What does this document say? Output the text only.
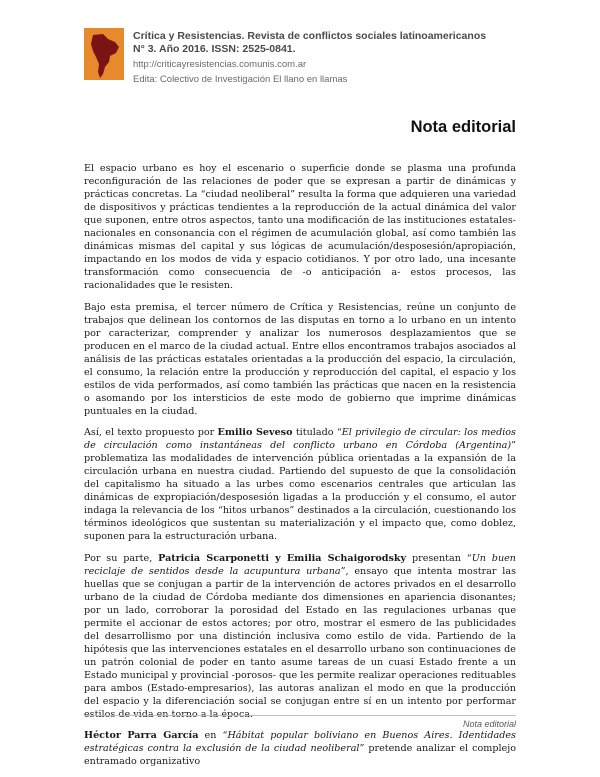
Crítica y Resistencias. Revista de conflictos sociales latinoamericanos

N° 3. Año 2016. ISSN: 2525-0841.

http://criticayresistencias.comunis.com.ar

Edita: Colectivo de Investigación El llano en llamas

Nota editorial

El espacio urbano es hoy el escenario o superficie donde se plasma una profunda reconfiguración de las relaciones de poder que se expresan a partir de dinámicas y prácticas concretas. La “ciudad neoliberal” resulta la forma que adquieren una variedad de dispositivos y prácticas tendientes a la reproducción de la actual dinámica del valor que suponen, entre otros aspectos, tanto una modificación de las instituciones estatales-nacionales en consonancia con el régimen de acumulación global, así como también las dinámicas mismas del capital y sus lógicas de acumulación/desposesión/apropiación, impactando en los modos de vida y espacio cotidianos. Y por otro lado, una incesante transformación como consecuencia de -o anticipación a- estos procesos, las racionalidades que le resisten.

Bajo esta premisa, el tercer número de Crítica y Resistencias, reúne un conjunto de trabajos que delinean los contornos de las disputas en torno a lo urbano en un intento por caracterizar, comprender y analizar los numerosos desplazamientos que se producen en el marco de la ciudad actual. Entre ellos encontramos trabajos asociados al análisis de las prácticas estatales orientadas a la producción del espacio, la circulación, el consumo, la relación entre la producción y reproducción del capital, el espacio y los estilos de vida performados, así como también las prácticas que nacen en la resistencia o asomando por los intersticios de este modo de gobierno que imprime dinámicas puntuales en la ciudad.

Así, el texto propuesto por Emilio Seveso titulado “El privilegio de circular: los medios de circulación como instantáneas del conflicto urbano en Córdoba (Argentina)” problematiza las modalidades de intervención pública orientadas a la expansión de la circulación urbana en nuestra ciudad. Partiendo del supuesto de que la consolidación del capitalismo ha situado a las urbes como escenarios centrales que articulan las dinámicas de expropiación/desposesión ligadas a la producción y el consumo, el autor indaga la relevancia de los “hitos urbanos” destinados a la circulación, cuestionando los términos ideológicos que sustentan su materialización y el impacto que, como doblez, suponen para la estructuración urbana.

Por su parte, Patricia Scarponetti y Emilia Schaigorodsky presentan “Un buen reciclaje de sentidos desde la acupuntura urbana”, ensayo que intenta mostrar las huellas que se conjugan a partir de la intervención de actores privados en el desarrollo urbano de la ciudad de Córdoba mediante dos dimensiones en apariencia disonantes; por un lado, corroborar la porosidad del Estado en las regulaciones urbanas que permite el accionar de estos actores; por otro, mostrar el esmero de las publicidades del desarrollismo por una distinción inclusiva como estilo de vida. Partiendo de la hipótesis que las intervenciones estatales en el desarrollo urbano son continuaciones de un patrón colonial de poder en tanto asume tareas de un cuasi Estado frente a un Estado municipal y provincial -porosos- que les permite realizar operaciones redituables para ambos (Estado-empresarios), las autoras analizan el modo en que la producción del espacio y la diferenciación social se conjugan entre sí en un intento por performar estilos de vida en torno a la época.

Héctor Parra García en “Hábitat popular boliviano en Buenos Aires. Identidades estratégicas contra la exclusión de la ciudad neoliberal” pretende analizar el complejo entramado organizativo

Nota editorial
